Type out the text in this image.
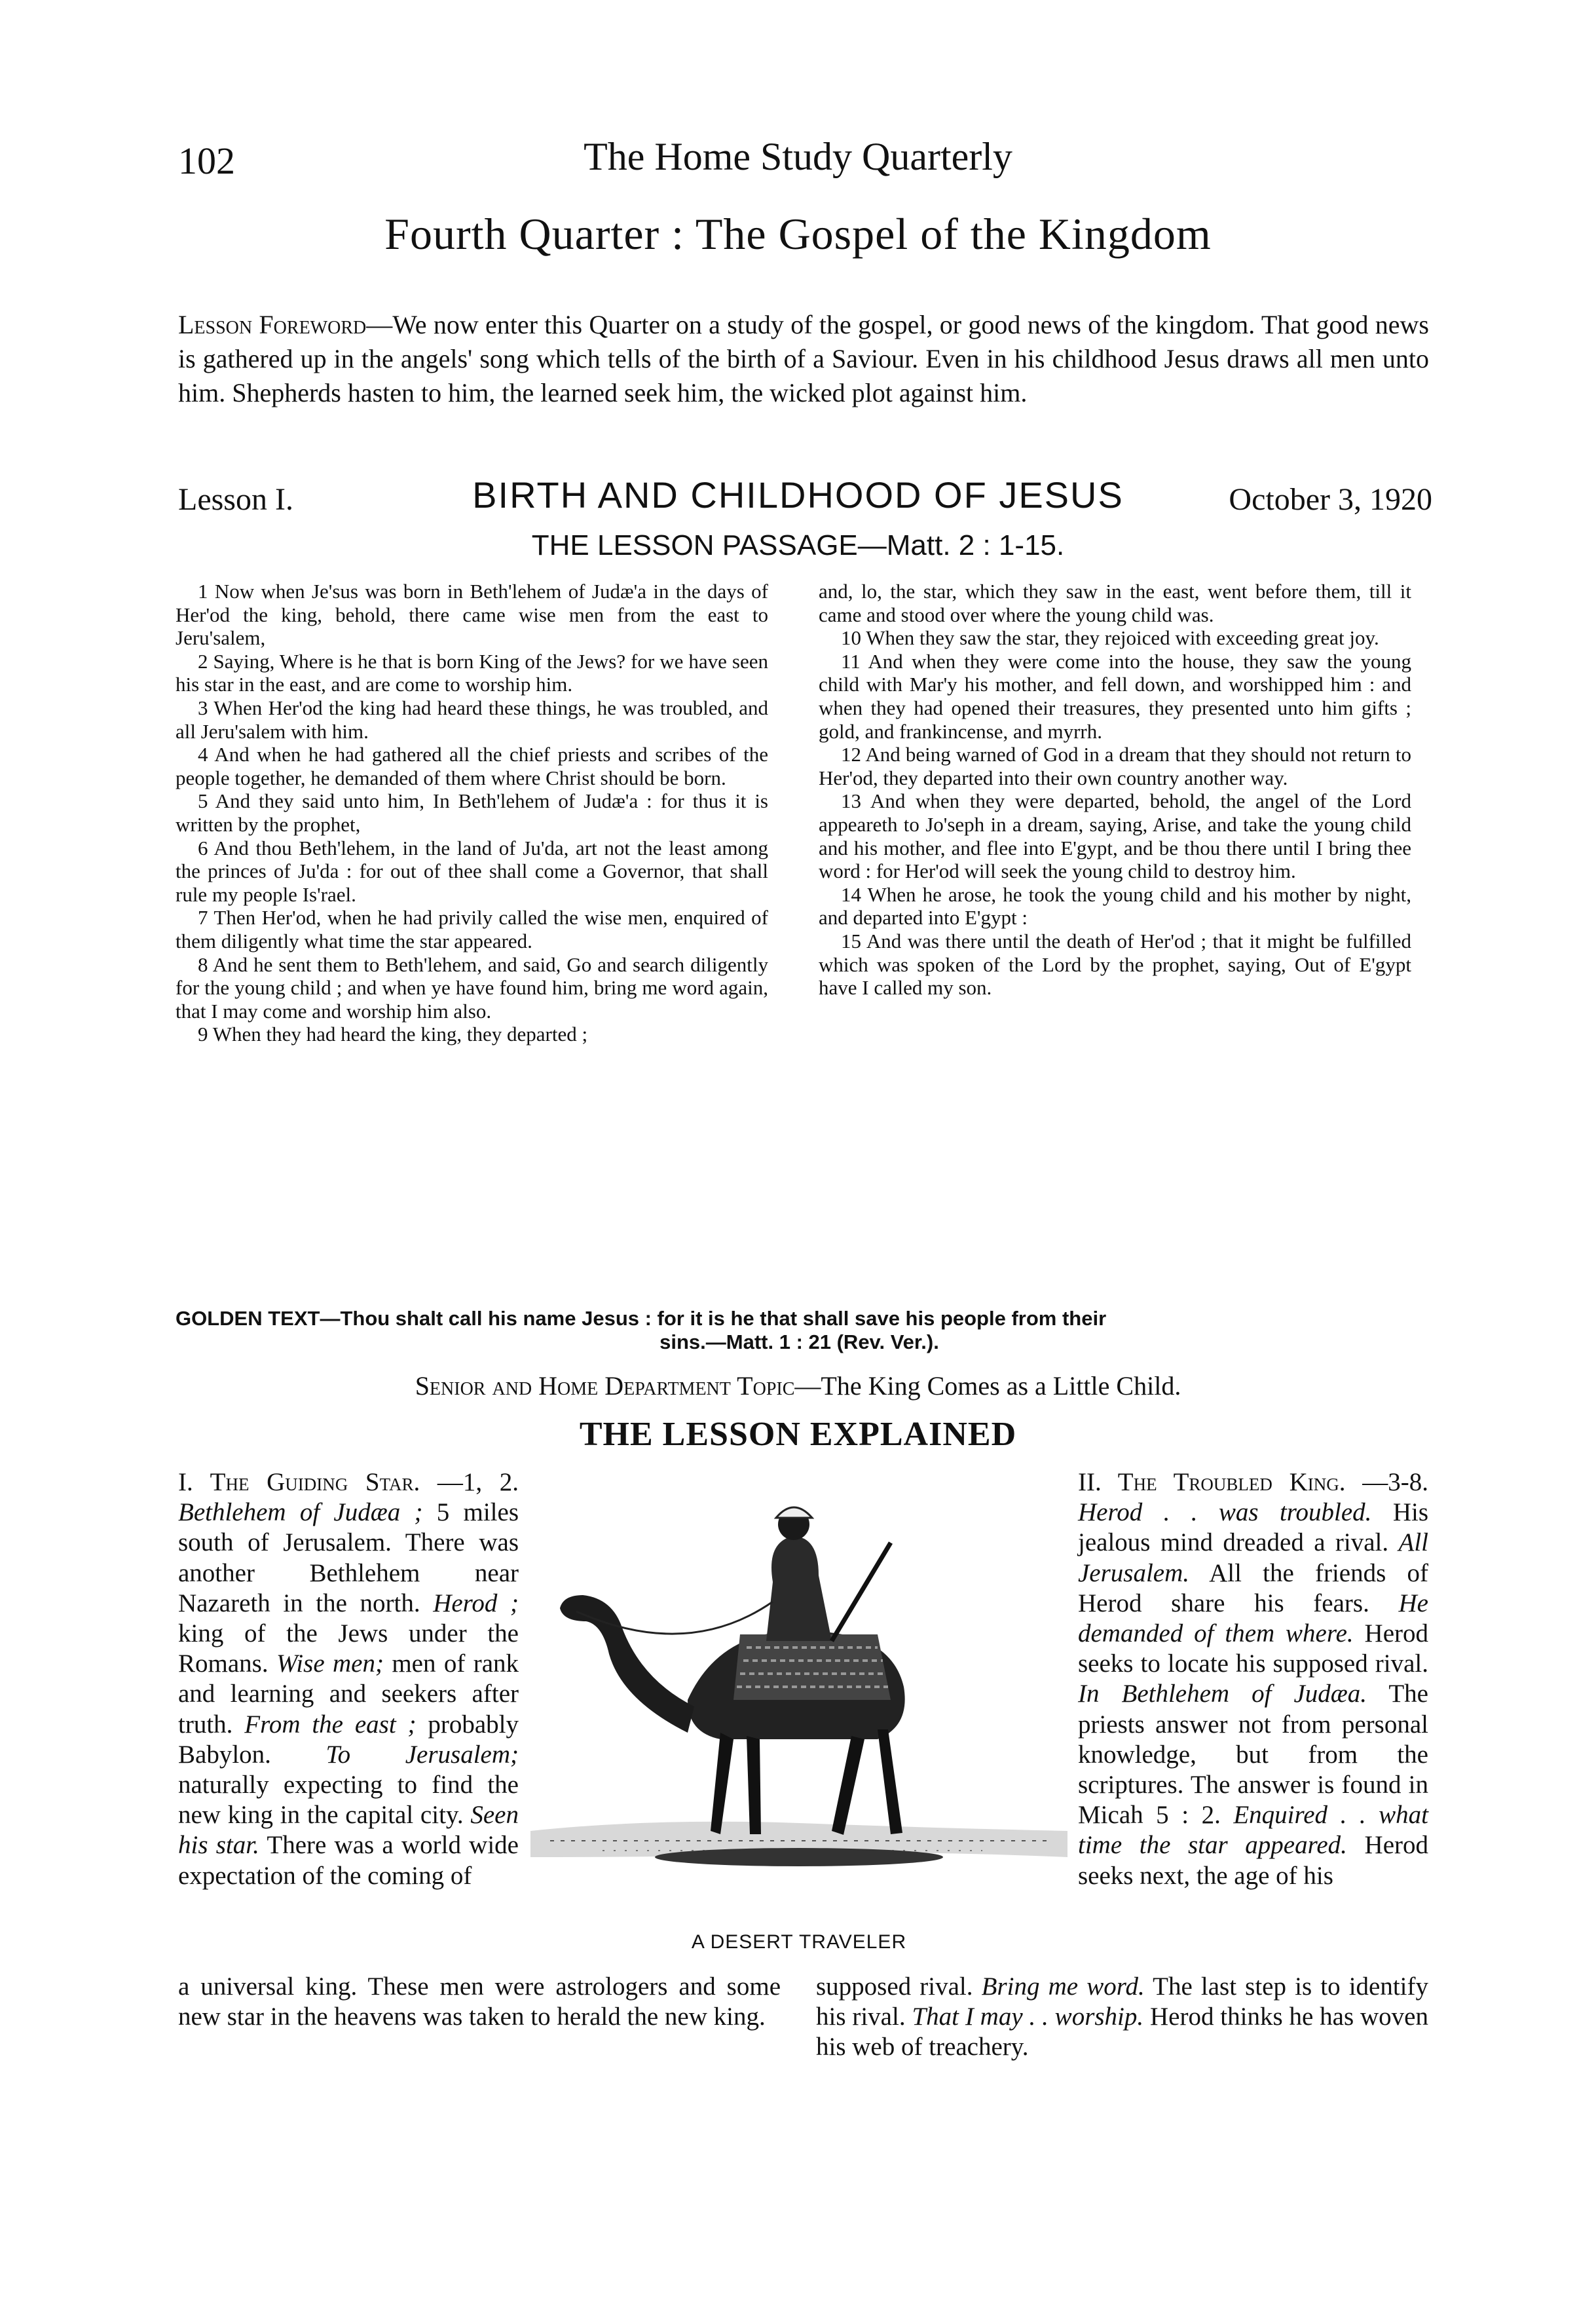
102	The Home Study Quarterly
Fourth Quarter : The Gospel of the Kingdom
Lesson Foreword—We now enter this Quarter on a study of the gospel, or good news of the kingdom. That good news is gathered up in the angels' song which tells of the birth of a Saviour. Even in his childhood Jesus draws all men unto him. Shepherds hasten to him, the learned seek him, the wicked plot against him.
Lesson I.	BIRTH AND CHILDHOOD OF JESUS	October 3, 1920
THE LESSON PASSAGE—Matt. 2 : 1-15.

1 Now when Je'sus was born in Beth'lehem of Judæ'a in the days of Her'od the king, behold, there came wise men from the east to Jeru'salem,

2 Saying, Where is he that is born King of the Jews? for we have seen his star in the east, and are come to worship him.

3 When Her'od the king had heard these things, he was troubled, and all Jeru'salem with him.

4 And when he had gathered all the chief priests and scribes of the people together, he demanded of them where Christ should be born.

5 And they said unto him, In Beth'lehem of Judæ'a : for thus it is written by the prophet,

6 And thou Beth'lehem, in the land of Ju'da, art not the least among the princes of Ju'da : for out of thee shall come a Governor, that shall rule my people Is'rael.

7 Then Her'od, when he had privily called the wise men, enquired of them diligently what time the star appeared.

8 And he sent them to Beth'lehem, and said, Go and search diligently for the young child ; and when ye have found him, bring me word again, that I may come and worship him also.

9 When they had heard the king, they departed ;

and, lo, the star, which they saw in the east, went before them, till it came and stood over where the young child was.

10 When they saw the star, they rejoiced with exceeding great joy.

11 And when they were come into the house, they saw the young child with Mar'y his mother, and fell down, and worshipped him : and when they had opened their treasures, they presented unto him gifts ; gold, and frankincense, and myrrh.

12 And being warned of God in a dream that they should not return to Her'od, they departed into their own country another way.

13 And when they were departed, behold, the angel of the Lord appeareth to Jo'seph in a dream, saying, Arise, and take the young child and his mother, and flee into E'gypt, and be thou there until I bring thee word : for Her'od will seek the young child to destroy him.

14 When he arose, he took the young child and his mother by night, and departed into E'gypt :

15 And was there until the death of Her'od ; that it might be fulfilled which was spoken of the Lord by the prophet, saying, Out of E'gypt have I called my son.

GOLDEN TEXT—Thou shalt call his name Jesus : for it is he that shall save his people from their
sins.—Matt. 1 : 21 (Rev. Ver.).
Senior and Home Department Topic—The King Comes as a Little Child.
THE LESSON EXPLAINED

I. The Guiding Star. —1, 2. Bethlehem of Judæa ; 5 miles south of Jerusalem. There was another Bethlehem near Nazareth in the north. Herod ; king of the Jews under the Romans. Wise men; men of rank and learning and seekers after truth. From the east ; probably Babylon. To Jerusalem; naturally expecting to find the new king in the capital city. Seen his star. There was a world wide expectation of the coming of

A DESERT TRAVELER

II. The Troubled King. —3-8. Herod . . was troubled. His jealous mind dreaded a rival. All Jerusalem. All the friends of Herod share his fears. He demanded of them where. Herod seeks to locate his supposed rival. In Bethlehem of Judæa. The priests answer not from personal knowledge, but from the scriptures. The answer is found in Micah 5 : 2. Enquired . . what time the star appeared. Herod seeks next, the age of his

a universal king. These men were astrologers and some new star in the heavens was taken to herald the new king.

supposed rival. Bring me word. The last step is to identify his rival. That I may . . worship. Herod thinks he has woven his web of treachery.
